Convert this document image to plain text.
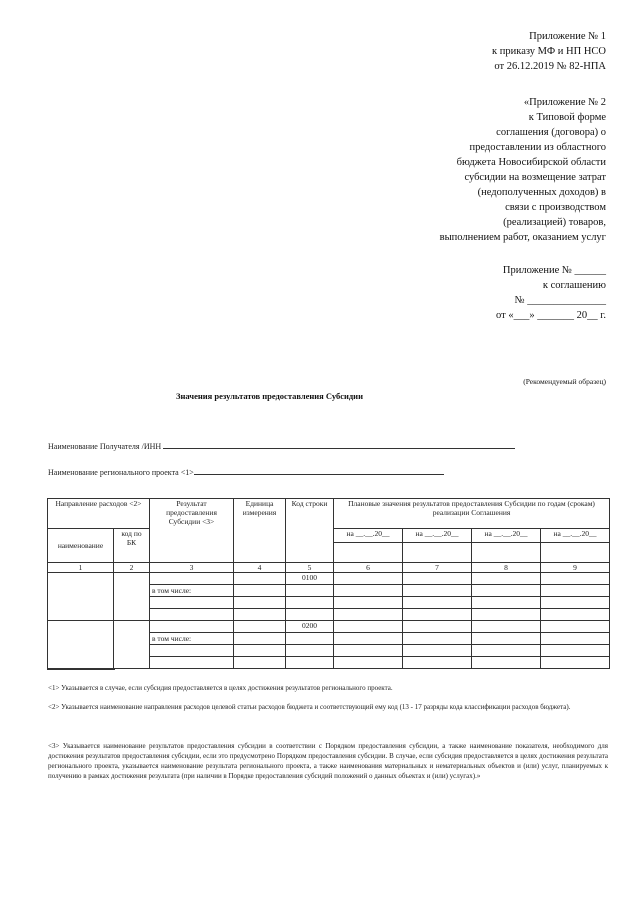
Приложение № 1
к приказу МФ и НП НСО
от 26.12.2019 № 82-НПА
«Приложение № 2
к Типовой форме
соглашения (договора) о
предоставлении из областного
бюджета Новосибирской области
субсидии на возмещение затрат
(недополученных доходов) в
связи с производством
(реализацией) товаров,
выполнением работ, оказанием услуг
Приложение № ______
к соглашению
№ _______________
от «___» _______ 20__ г.
(Рекомендуемый образец)
Значения результатов предоставления Субсидии
Наименование Получателя /ИНН
Наименование регионального проекта <1>
Направление расходов <2>		Результат предоставления Субсидии <3>	Единица измерения	Код строки	Плановые значения результатов предоставления Субсидии по годам (срокам) реализации Соглашения			
наименование	код по БК				на __.__.20__	на __.__.20__	на __.__.20__	на __.__.20__

1	2	3	4	5	6	7	8	9
				0100				
		в том числе:						

				0200				
		в том числе:						

<1> Указывается в случае, если субсидия предоставляется в целях достижения результатов регионального проекта.
<2> Указывается наименование направления расходов целевой статьи расходов бюджета и соответствующий ему код (13 - 17 разряды кода классификации расходов бюджета).
<3> Указывается наименование результатов предоставления субсидии в соответствии с Порядком предоставления субсидии, а также наименование показателя, необходимого для достижения результатов предоставления субсидии, если это предусмотрено Порядком предоставления субсидии. В случае, если субсидия предоставляется в целях достижения результата регионального проекта, указывается наименование результата регионального проекта, а также наименования материальных и нематериальных объектов и (или) услуг, планируемых к получению в рамках достижения результата (при наличии в Порядке предоставления субсидий положений о данных объектах и (или) услугах).»
